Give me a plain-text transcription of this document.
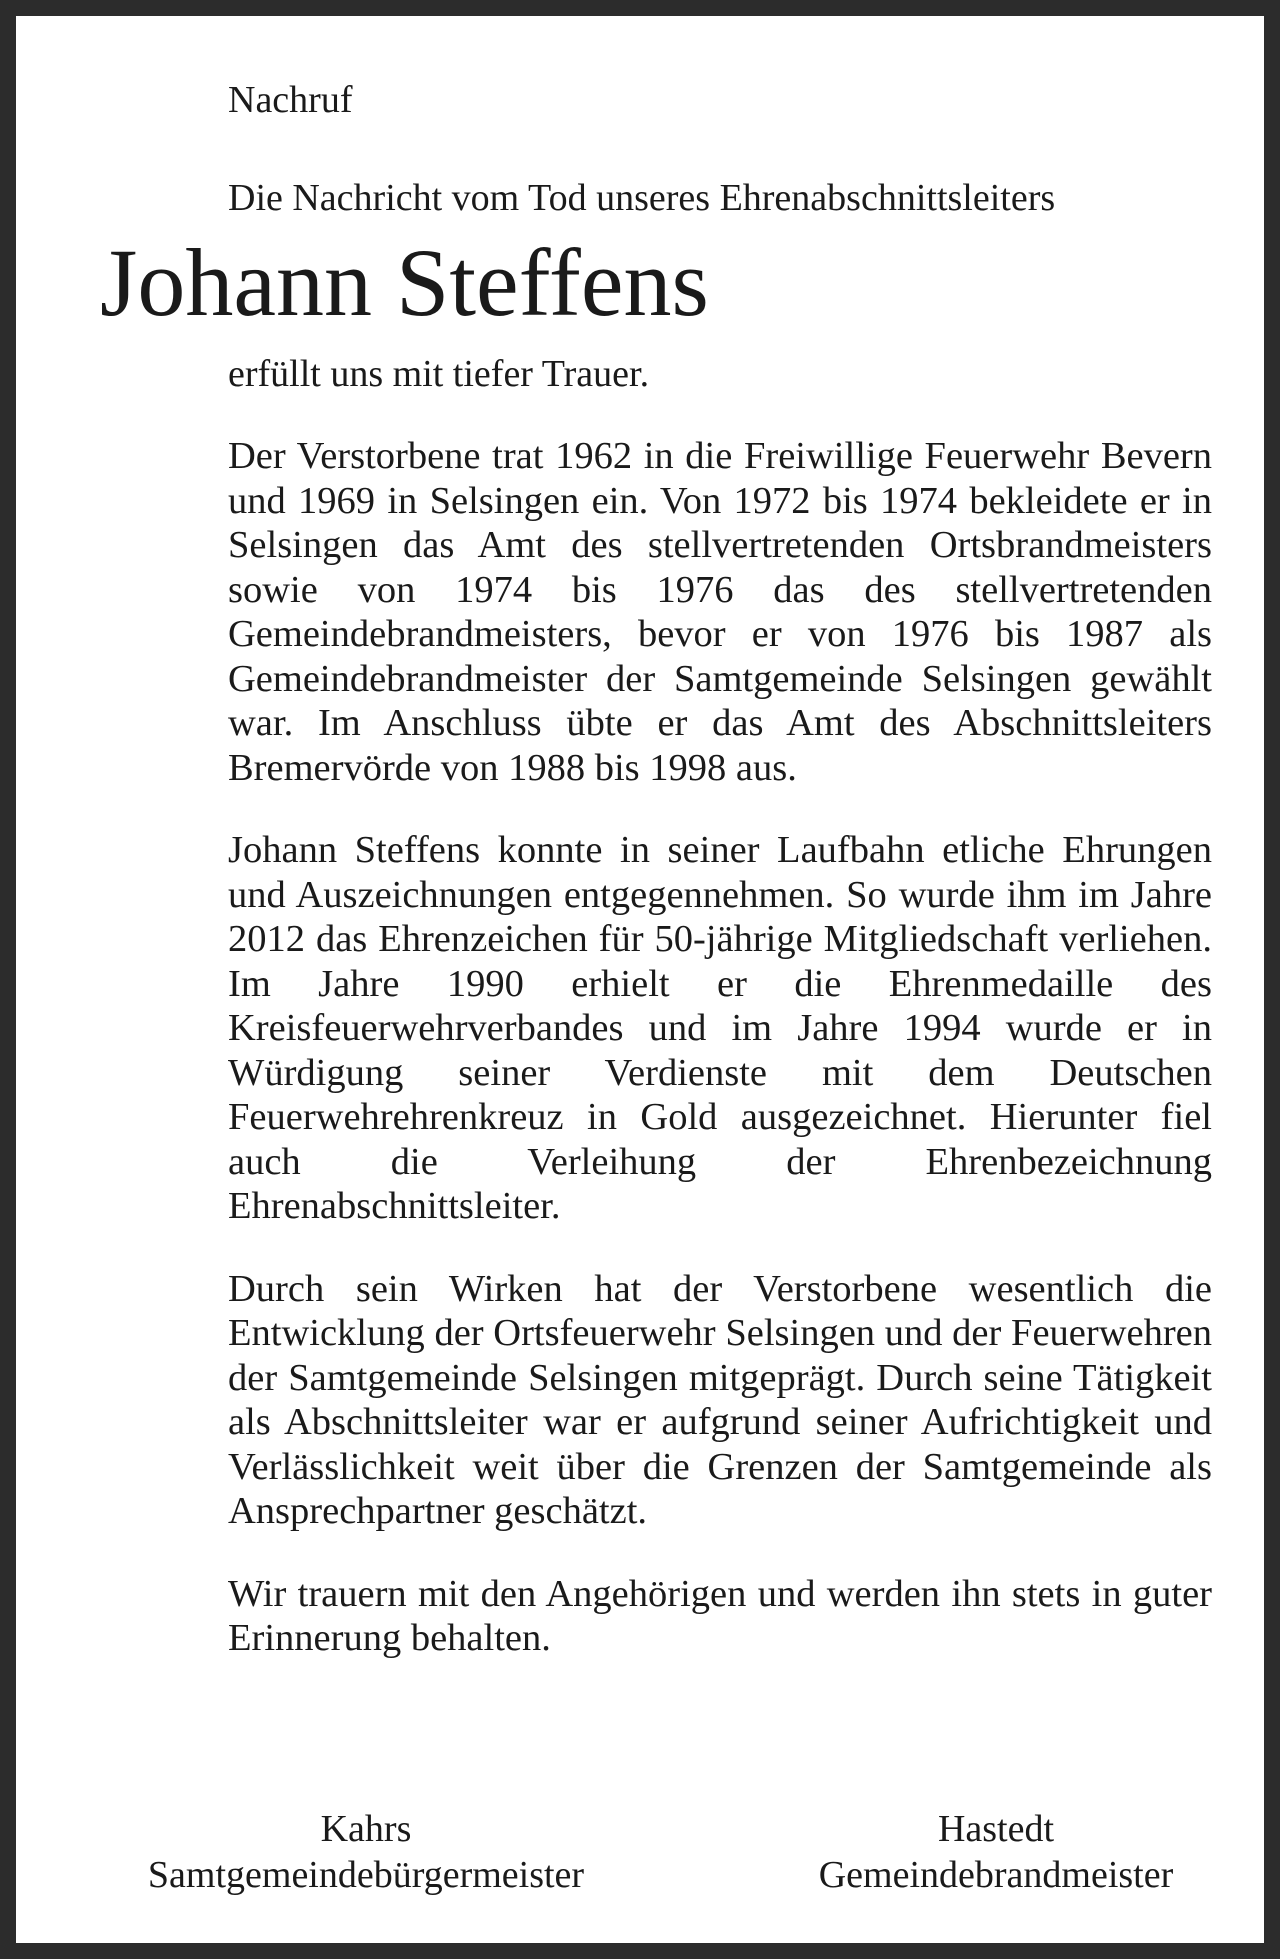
Nachruf
Die Nachricht vom Tod unseres Ehrenabschnittsleiters
Johann Steffens
erfüllt uns mit tiefer Trauer.

Der Verstorbene trat 1962 in die Freiwillige Feuerwehr Bevern und 1969 in Selsingen ein. Von 1972 bis 1974 bekleidete er in Selsingen das Amt des stellvertretenden Ortsbrandmeisters sowie von 1974 bis 1976 das des stellvertretenden Gemeindebrandmeisters, bevor er von 1976 bis 1987 als Gemeindebrandmeister der Samtgemeinde Selsingen gewählt war. Im Anschluss übte er das Amt des Abschnittsleiters Bremervörde von 1988 bis 1998 aus.

Johann Steffens konnte in seiner Laufbahn etliche Ehrungen und Auszeichnungen entgegennehmen. So wurde ihm im Jahre 2012 das Ehrenzeichen für 50-jährige Mitgliedschaft verliehen. Im Jahre 1990 erhielt er die Ehrenmedaille des Kreisfeuerwehrverbandes und im Jahre 1994 wurde er in Würdigung seiner Verdienste mit dem Deutschen Feuerwehrehrenkreuz in Gold ausgezeichnet. Hierunter fiel auch die Verleihung der Ehrenbezeichnung Ehrenabschnittsleiter.

Durch sein Wirken hat der Verstorbene wesentlich die Entwicklung der Ortsfeuerwehr Selsingen und der Feuerwehren der Samtgemeinde Selsingen mitgeprägt. Durch seine Tätigkeit als Abschnittsleiter war er aufgrund seiner Aufrichtigkeit und Verlässlichkeit weit über die Grenzen der Samtgemeinde als Ansprechpartner geschätzt.

Wir trauern mit den Angehörigen und werden ihn stets in guter Erinnerung behalten.

Kahrs
Samtgemeindebürgermeister
Hastedt
Gemeindebrandmeister
